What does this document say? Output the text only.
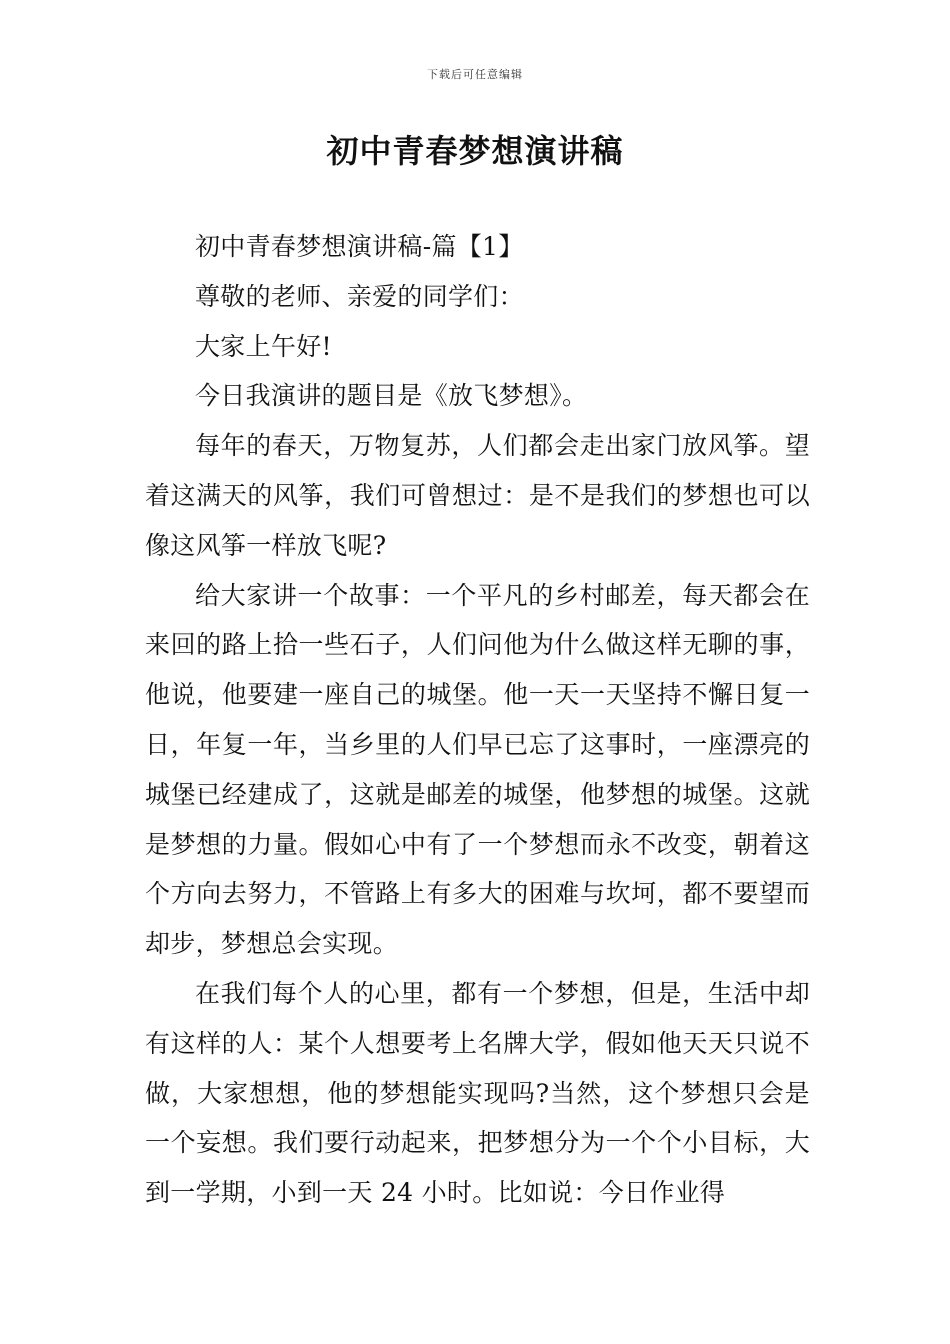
下载后可任意编辑
初中青春梦想演讲稿

初中青春梦想演讲稿-篇【1】

尊敬的老师、亲爱的同学们：

大家上午好!

今日我演讲的题目是《放飞梦想》。

每年的春天，万物复苏，人们都会走出家门放风筝。望着这满天的风筝，我们可曾想过：是不是我们的梦想也可以像这风筝一样放飞呢?

给大家讲一个故事：一个平凡的乡村邮差，每天都会在来回的路上拾一些石子，人们问他为什么做这样无聊的事，他说，他要建一座自己的城堡。他一天一天坚持不懈日复一日，年复一年，当乡里的人们早已忘了这事时，一座漂亮的城堡已经建成了，这就是邮差的城堡，他梦想的城堡。这就是梦想的力量。假如心中有了一个梦想而永不改变，朝着这个方向去努力，不管路上有多大的困难与坎坷，都不要望而却步，梦想总会实现。

在我们每个人的心里，都有一个梦想，但是，生活中却有这样的人：某个人想要考上名牌大学，假如他天天只说不做，大家想想，他的梦想能实现吗?当然，这个梦想只会是一个妄想。我们要行动起来，把梦想分为一个个小目标，大到一学期，小到一天 24 小时。比如说：今日作业得
